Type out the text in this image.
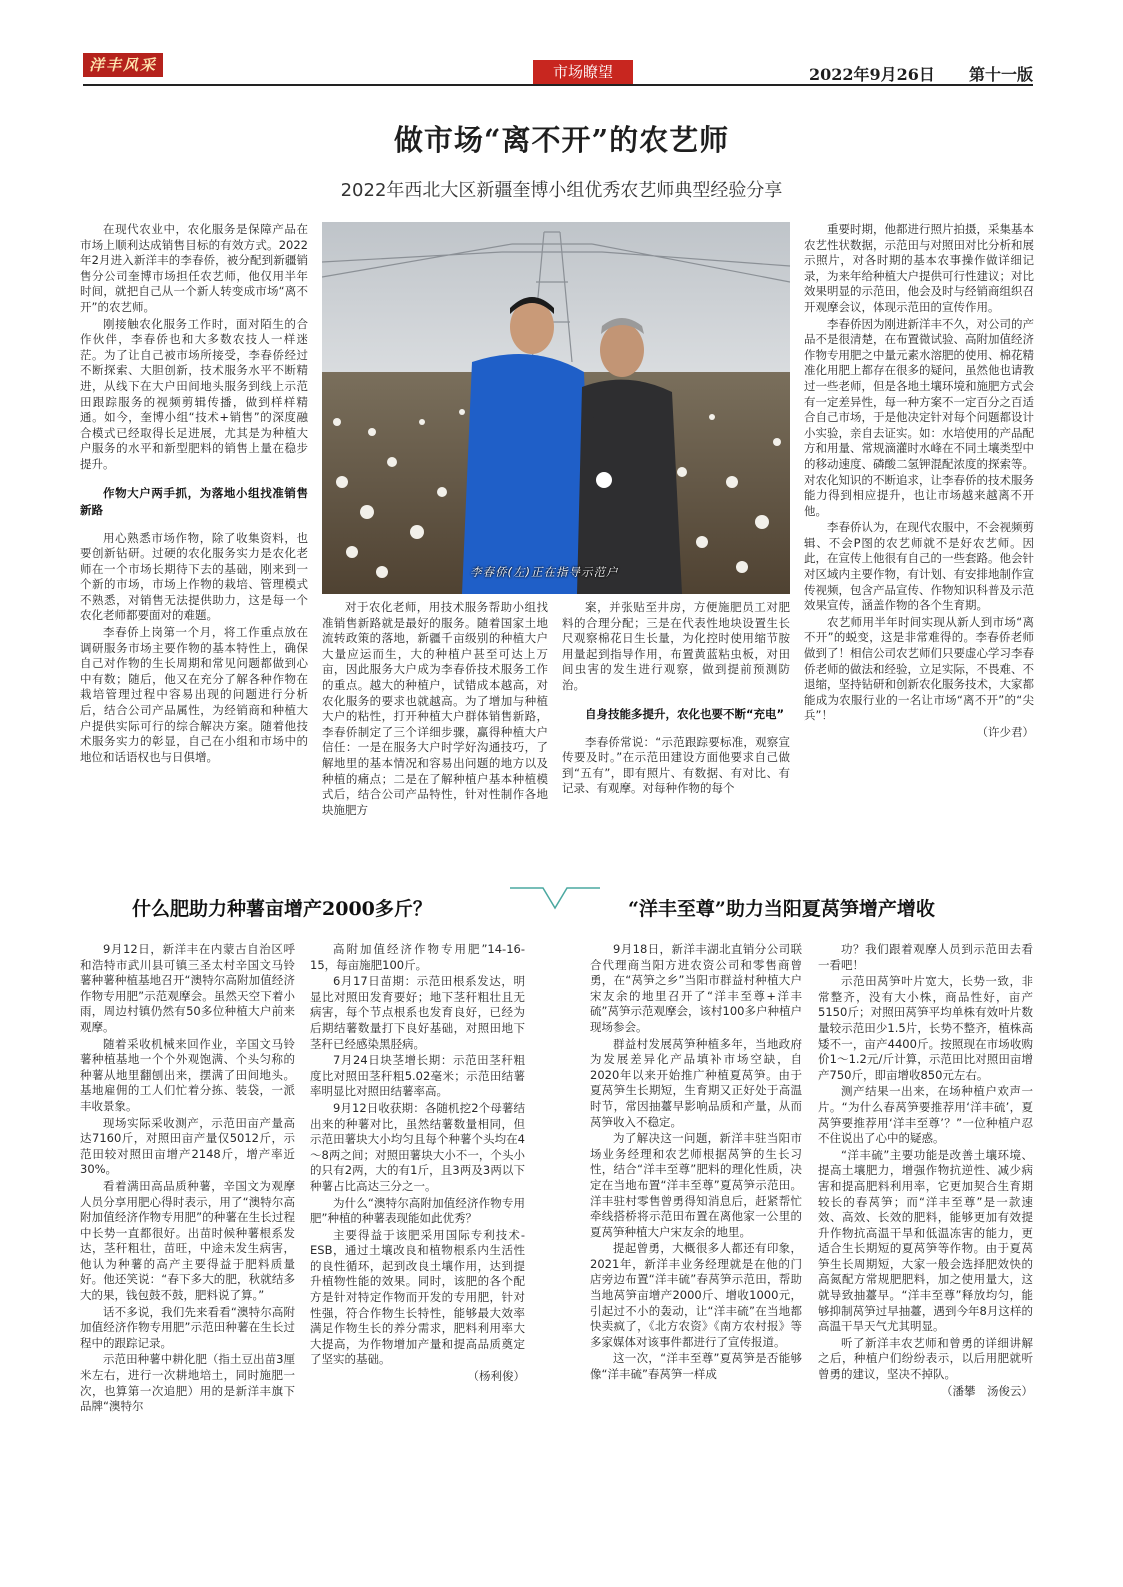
洋丰风采	市场瞭望	2022年9月26日 第十一版
做市场“离不开”的农艺师
2022年西北大区新疆奎博小组优秀农艺师典型经验分享

在现代农业中，农化服务是保障产品在市场上顺利达成销售目标的有效方式。2022年2月进入新洋丰的李春侨，被分配到新疆销售分公司奎博市场担任农艺师，他仅用半年时间，就把自己从一个新人转变成市场“离不开”的农艺师。

刚接触农化服务工作时，面对陌生的合作伙伴，李春侨也和大多数农技人一样迷茫。为了让自己被市场所接受，李春侨经过不断探索、大胆创新，技术服务水平不断精进，从线下在大户田间地头服务到线上示范田跟踪服务的视频剪辑传播，做到样样精通。如今，奎博小组“技术+销售”的深度融合模式已经取得长足进展，尤其是为种植大户服务的水平和新型肥料的销售上量在稳步提升。

作物大户两手抓，为落地小组找准销售新路

用心熟悉市场作物，除了收集资料，也要创新钻研。过硬的农化服务实力是农化老师在一个市场长期待下去的基础，刚来到一个新的市场，市场上作物的栽培、管理模式不熟悉，对销售无法提供助力，这是每一个农化老师都要面对的难题。

李春侨上岗第一个月，将工作重点放在调研服务市场主要作物的基本特性上，确保自己对作物的生长周期和常见问题都做到心中有数；随后，他又在充分了解各种作物在栽培管理过程中容易出现的问题进行分析后，结合公司产品属性，为经销商和种植大户提供实际可行的综合解决方案。随着他技术服务实力的彰显，自己在小组和市场中的地位和话语权也与日俱增。

李春侨(左)正在指导示范户

对于农化老师，用技术服务帮助小组找准销售新路就是最好的服务。随着国家土地流转政策的落地，新疆千亩级别的种植大户大量应运而生，大的种植户甚至可达上万亩，因此服务大户成为李春侨技术服务工作的重点。越大的种植户，试错成本越高，对农化服务的要求也就越高。为了增加与种植大户的粘性，打开种植大户群体销售新路，李春侨制定了三个详细步骤，赢得种植大户信任：一是在服务大户时学好沟通技巧，了解地里的基本情况和容易出问题的地方以及种植的痛点；二是在了解种植户基本种植模式后，结合公司产品特性，针对性制作各地块施肥方

案，并张贴至井房，方便施肥员工对肥料的合理分配；三是在代表性地块设置生长尺观察棉花日生长量，为化控时使用缩节胺用量起到指导作用，布置黄蓝粘虫板，对田间虫害的发生进行观察，做到提前预测防治。

自身技能多提升，农化也要不断“充电”

李春侨常说：“示范跟踪要标准，观察宣传要及时。”在示范田建设方面他要求自己做到“五有”，即有照片、有数据、有对比、有记录、有观摩。对每种作物的每个

重要时期，他都进行照片拍摄，采集基本农艺性状数据，示范田与对照田对比分析和展示照片，对各时期的基本农事操作做详细记录，为来年给种植大户提供可行性建议；对比效果明显的示范田，他会及时与经销商组织召开观摩会议，体现示范田的宣传作用。

李春侨因为刚进新洋丰不久，对公司的产品不是很清楚，在布置微试验、高附加值经济作物专用肥之中量元素水溶肥的使用、棉花精准化用肥上都存在很多的疑问，虽然他也请教过一些老师，但是各地土壤环境和施肥方式会有一定差异性，每一种方案不一定百分之百适合自己市场，于是他决定针对每个问题都设计小实验，亲自去证实。如：水培使用的产品配方和用量、常规滴灌时水峰在不同土壤类型中的移动速度、磷酸二氢钾混配浓度的探索等。对农化知识的不断追求，让李春侨的技术服务能力得到相应提升，也让市场越来越离不开他。

李春侨认为，在现代农服中，不会视频剪辑、不会P图的农艺师就不是好农艺师。因此，在宣传上他很有自己的一些套路。他会针对区域内主要作物，有计划、有安排地制作宣传视频，包含产品宣传、作物知识科普及示范效果宣传，涵盖作物的各个生育期。

农艺师用半年时间实现从新人到市场“离不开”的蜕变，这是非常难得的。李春侨老师做到了！相信公司农艺师们只要虚心学习李春侨老师的做法和经验，立足实际，不畏难、不退缩，坚持钻研和创新农化服务技术，大家都能成为农服行业的一名让市场“离不开”的“尖兵”！

（许少君）

什么肥助力种薯亩增产2000多斤？

9月12日，新洋丰在内蒙古自治区呼和浩特市武川县可镇三圣太村辛国文马铃薯种薯种植基地召开“澳特尔高附加值经济作物专用肥”示范观摩会。虽然天空下着小雨，周边村镇仍然有50多位种植大户前来观摩。

随着采收机械来回作业，辛国文马铃薯种植基地一个个外观饱满、个头匀称的种薯从地里翻刨出来，摆满了田间地头。基地雇佣的工人们忙着分拣、装袋，一派丰收景象。

现场实际采收测产，示范田亩产量高达7160斤，对照田亩产量仅5012斤，示范田较对照田亩增产2148斤，增产率近30%。

看着满田高品质种薯，辛国文为观摩人员分享用肥心得时表示，用了“澳特尔高附加值经济作物专用肥”的种薯在生长过程中长势一直都很好。出苗时候种薯根系发达，茎秆粗壮，苗旺，中途未发生病害，他认为种薯的高产主要得益于肥料质量好。他还笑说：“春下多大的肥，秋就结多大的果，钱包鼓不鼓，肥料说了算。”

话不多说，我们先来看看“澳特尔高附加值经济作物专用肥”示范田种薯在生长过程中的跟踪记录。

示范田种薯中耕化肥（指土豆出苗3厘米左右，进行一次耕地培土，同时施肥一次，也算第一次追肥）用的是新洋丰旗下品牌“澳特尔

高附加值经济作物专用肥”14-16-15，每亩施肥100斤。

6月17日苗期：示范田根系发达，明显比对照田发育要好；地下茎秆粗壮且无病害，每个节点根系也发育良好，已经为后期结薯数量打下良好基础，对照田地下茎秆已经感染黑胫病。

7月24日块茎增长期：示范田茎秆粗度比对照田茎秆粗5.02毫米；示范田结薯率明显比对照田结薯率高。

9月12日收获期：各随机挖2个母薯结出来的种薯对比，虽然结薯数量相同，但示范田薯块大小均匀且每个种薯个头均在4～8两之间；对照田薯块大小不一，个头小的只有2两，大的有1斤，且3两及3两以下种薯占比高达三分之一。

为什么“澳特尔高附加值经济作物专用肥”种植的种薯表现能如此优秀？

主要得益于该肥采用国际专利技术-ESB，通过土壤改良和植物根系内生活性的良性循环，起到改良土壤作用，达到提升植物性能的效果。同时，该肥的各个配方是针对特定作物而开发的专用肥，针对性强，符合作物生长特性，能够最大效率满足作物生长的养分需求，肥料利用率大大提高，为作物增加产量和提高品质奠定了坚实的基础。

（杨利俊）

“洋丰至尊”助力当阳夏莴笋增产增收

9月18日，新洋丰湖北直销分公司联合代理商当阳方进农资公司和零售商曾勇，在“莴笋之乡”当阳市群益村种植大户宋友余的地里召开了“洋丰至尊+洋丰硫”莴笋示范观摩会，该村100多户种植户现场参会。

群益村发展莴笋种植多年，当地政府为发展差异化产品填补市场空缺，自2020年以来开始推广种植夏莴笋。由于夏莴笋生长期短，生育期又正好处于高温时节，常因抽薹早影响品质和产量，从而莴笋收入不稳定。

为了解决这一问题，新洋丰驻当阳市场业务经理和农艺师根据莴笋的生长习性，结合“洋丰至尊”肥料的理化性质，决定在当地布置“洋丰至尊”夏莴笋示范田。洋丰驻村零售曾勇得知消息后，赶紧帮忙牵线搭桥将示范田布置在离他家一公里的夏莴笋种植大户宋友余的地里。

提起曾勇，大概很多人都还有印象，2021年，新洋丰业务经理就是在他的门店旁边布置“洋丰硫”春莴笋示范田，帮助当地莴笋亩增产2000斤、增收1000元，引起过不小的轰动，让“洋丰硫”在当地都快卖疯了，《北方农资》《南方农村报》等多家媒体对该事件都进行了宣传报道。

这一次，“洋丰至尊”夏莴笋是否能够像“洋丰硫”春莴笋一样成

功？我们跟着观摩人员到示范田去看一看吧！

示范田莴笋叶片宽大，长势一致，非常整齐，没有大小株，商品性好，亩产5150斤；对照田莴笋平均单株有效叶片数量较示范田少1.5片，长势不整齐，植株高矮不一，亩产4400斤。按照现在市场收购价1～1.2元/斤计算，示范田比对照田亩增产750斤，即亩增收850元左右。

测产结果一出来，在场种植户欢声一片。“为什么春莴笋要推荐用‘洋丰硫’，夏莴笋要推荐用‘洋丰至尊’？”一位种植户忍不住说出了心中的疑惑。

“洋丰硫”主要功能是改善土壤环境、提高土壤肥力，增强作物抗逆性、减少病害和提高肥料利用率，它更加契合生育期较长的春莴笋；而“洋丰至尊”是一款速效、高效、长效的肥料，能够更加有效提升作物抗高温干旱和低温冻害的能力，更适合生长期短的夏莴笋等作物。由于夏莴笋生长周期短，大家一般会选择肥效快的高氮配方常规肥肥料，加之使用量大，这就导致抽薹早。“洋丰至尊”释放均匀，能够抑制莴笋过早抽薹，遇到今年8月这样的高温干旱天气尤其明显。

听了新洋丰农艺师和曾勇的详细讲解之后，种植户们纷纷表示，以后用肥就听曾勇的建议，坚决不掉队。

（潘攀　汤俊云）
